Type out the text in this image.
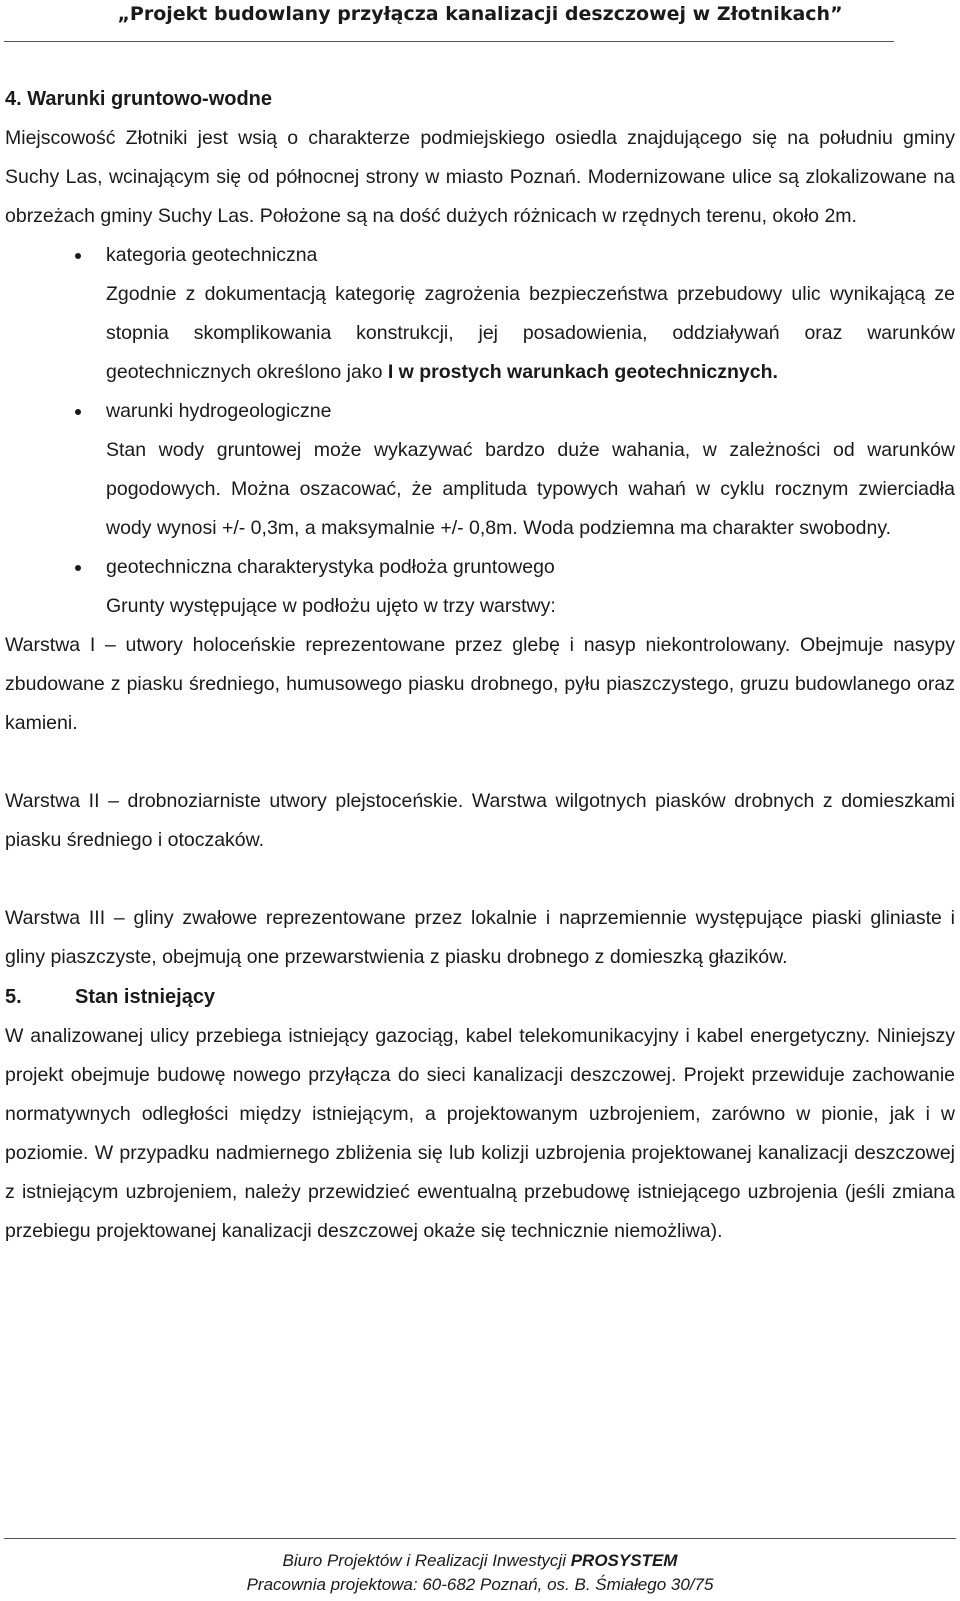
„Projekt budowlany przyłącza kanalizacji deszczowej w Złotnikach”
4. Warunki gruntowo-wodne

Miejscowość Złotniki jest wsią o charakterze podmiejskiego osiedla znajdującego się na południu gminy Suchy Las, wcinającym się od północnej strony w miasto Poznań. Modernizowane ulice są zlokalizowane na obrzeżach gminy Suchy Las. Położone są na dość dużych różnicach w rzędnych terenu, około 2m.

kategoria geotechniczna

Zgodnie z dokumentacją kategorię zagrożenia bezpieczeństwa przebudowy ulic wynikającą ze stopnia skomplikowania konstrukcji, jej posadowienia, oddziaływań oraz warunków geotechnicznych określono jako I w prostych warunkach geotechnicznych.

warunki hydrogeologiczne

Stan wody gruntowej może wykazywać bardzo duże wahania, w zależności od warunków pogodowych. Można oszacować, że amplituda typowych wahań w cyklu rocznym zwierciadła wody wynosi +/- 0,3m, a maksymalnie +/- 0,8m. Woda podziemna ma charakter swobodny.

geotechniczna charakterystyka podłoża gruntowego

Grunty występujące w podłożu ujęto w trzy warstwy:

Warstwa I – utwory holoceńskie reprezentowane przez glebę i nasyp niekontrolowany. Obejmuje nasypy zbudowane z piasku średniego, humusowego piasku drobnego, pyłu piaszczystego, gruzu budowlanego oraz kamieni.

Warstwa II – drobnoziarniste utwory plejstoceńskie. Warstwa wilgotnych piasków drobnych z domieszkami piasku średniego i otoczaków.

Warstwa III – gliny zwałowe reprezentowane przez lokalnie i naprzemiennie występujące piaski gliniaste i gliny piaszczyste, obejmują one przewarstwienia z piasku drobnego z domieszką głazików.

5.	Stan istniejący

W analizowanej ulicy przebiega istniejący gazociąg, kabel telekomunikacyjny i kabel energetyczny. Niniejszy projekt obejmuje budowę nowego przyłącza do sieci kanalizacji deszczowej. Projekt przewiduje zachowanie normatywnych odległości między istniejącym, a projektowanym uzbrojeniem, zarówno w pionie, jak i w poziomie. W przypadku nadmiernego zbliżenia się lub kolizji uzbrojenia projektowanej kanalizacji deszczowej z istniejącym uzbrojeniem, należy przewidzieć ewentualną przebudowę istniejącego uzbrojenia (jeśli zmiana przebiegu projektowanej kanalizacji deszczowej okaże się technicznie niemożliwa).

Biuro Projektów i Realizacji Inwestycji PROSYSTEM
Pracownia projektowa: 60-682 Poznań, os. B. Śmiałego 30/75
